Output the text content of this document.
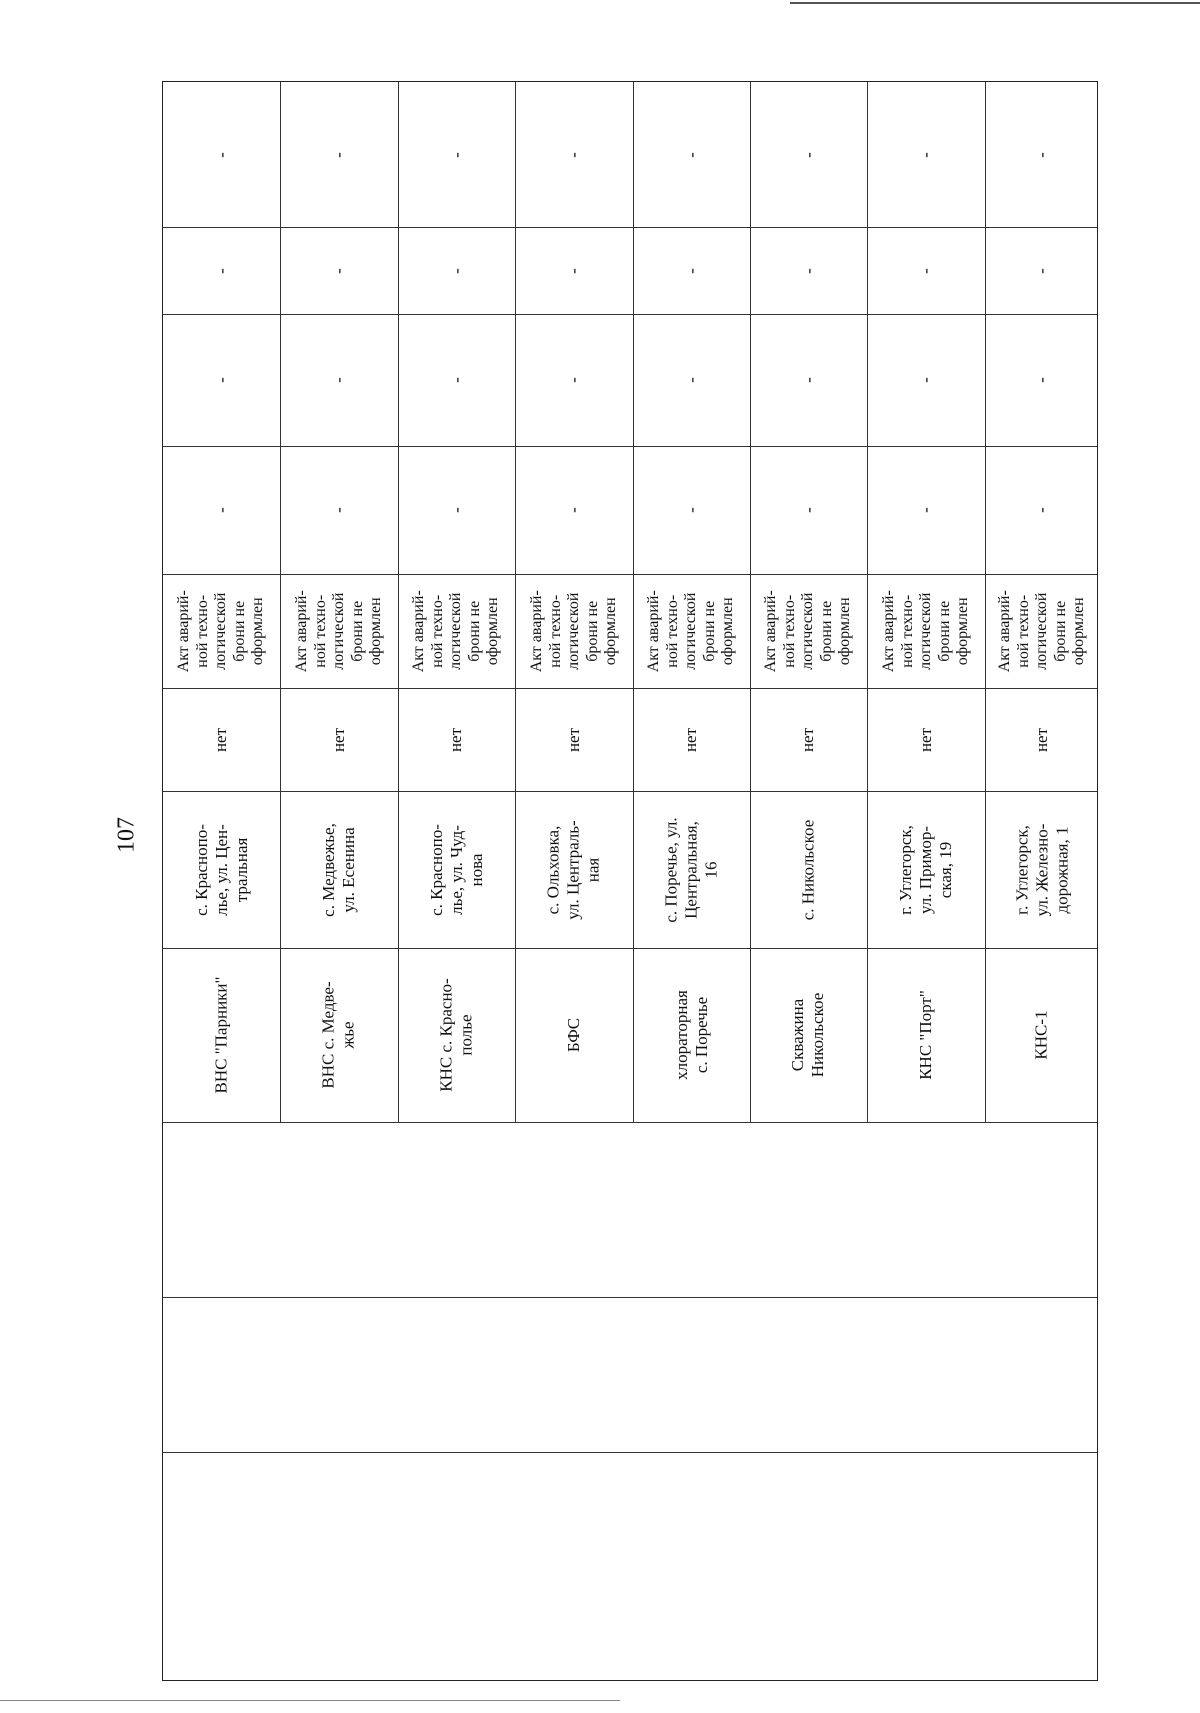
107
-
-
-
-
Акт аварий-
ной техно-
логической
брони не
оформлен
нет
с. Краснопо-
лье, ул. Цен-
тральная
ВНС "Парники"
-
-
-
-
Акт аварий-
ной техно-
логической
брони не
оформлен
нет
с. Медвежье,
ул. Есенина
ВНС с. Медве-
жье
-
-
-
-
Акт аварий-
ной техно-
логической
брони не
оформлен
нет
с. Краснопо-
лье, ул. Чуд-
нова
КНС с. Красно-
полье
-
-
-
-
Акт аварий-
ной техно-
логической
брони не
оформлен
нет
с. Ольховка,
ул. Централь-
ная
БФС
-
-
-
-
Акт аварий-
ной техно-
логической
брони не
оформлен
нет
с. Поречье, ул.
Центральная,
16
хлораторная
с. Поречье
-
-
-
-
Акт аварий-
ной техно-
логической
брони не
оформлен
нет
с. Никольское
Скважина
Никольское
-
-
-
-
Акт аварий-
ной техно-
логической
брони не
оформлен
нет
г. Углегорск,
ул. Примор-
ская, 19
КНС "Порт"
-
-
-
-
Акт аварий-
ной техно-
логической
брони не
оформлен
нет
г. Углегорск,
ул. Железно-
дорожная, 1
КНС-1
